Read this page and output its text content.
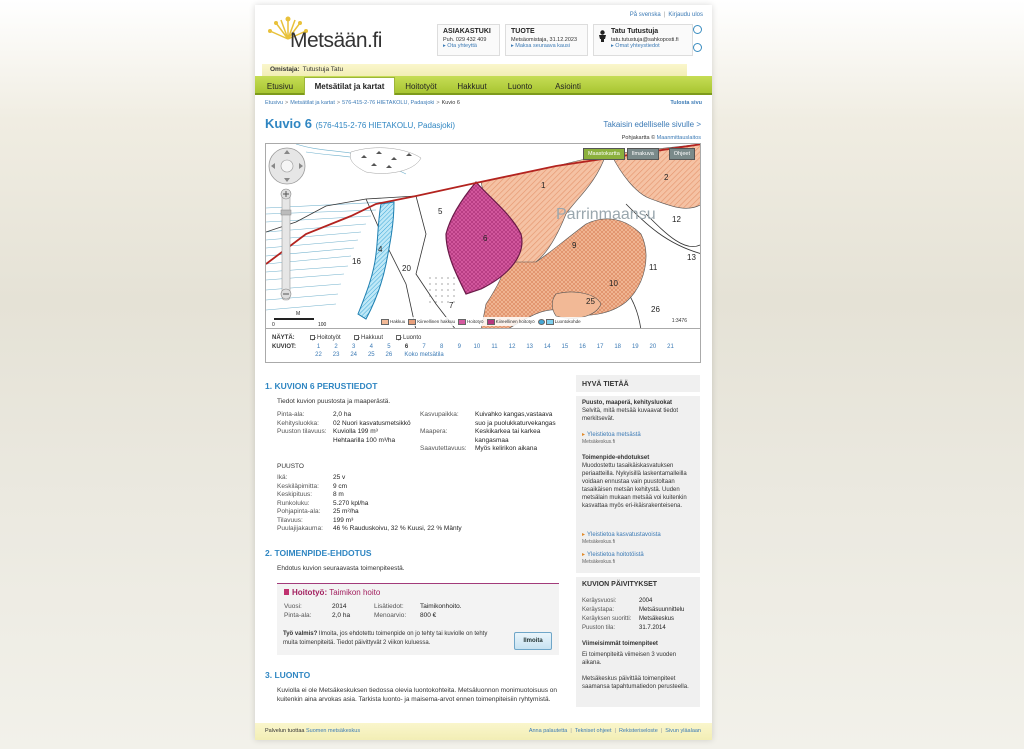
Metsään.fi
På svenska | Kirjaudu ulos
ASIAKASTUKI
Puh. 029 432 409
▸ Ota yhteyttä
TUOTE
Metsäomistaja, 31.12.2023
▸ Maksa seuraava kausi
Tatu Tutustuja
tatu.tutustuja@sahkoposti.fi
▸ Omat yhteystiedot
Omistaja: Tutustuja Tatu
Etusivu	Metsätilat ja kartat	Hoitotyöt	Hakkuut	Luonto	Asiointi
Etusivu > Metsätilat ja kartat > 576-415-2-76 HIETAKOLU, Padasjoki > Kuvio 6	Tulosta sivu
Kuvio 6 (576-415-2-76 HIETAKOLU, Padasjoki)	Takaisin edelliselle sivulle >
Pohjakartta © Maanmittauslaitos
Parrinmaansu
1
2
9
11
12
13
4
5
6
7
10
16
20
25
26
0
M
100
Maastokartta	Ilmakuva	Ohjeet
Hakkuu	Kiireellinen hakkuu	Hoitotyö	Kiireellinen hoitotyö	Luontokohde	1:3476
NÄYTÄ:	✓Hoitotyöt ✓Hakkuut ✓Luonto
KUVIOT:
Koko metsätila
1	2	3	4	5	6	7	8	9	10	11	12	13	14	15	16	17	18	19	20	21
22	23	24	25	26
1. KUVION 6 PERUSTIEDOT
Tiedot kuvion puustosta ja maaperästä.
Pinta-ala:	2,0 ha
Kehitysluokka: 02 Nuori kasvatusmetsikkö
Puuston tilavuus: Kuviolla 199 m³
Hehtaarilla 100 m³/ha
Kasvupaikka:	Kuivahko kangas,vastaava
suo ja puolukkaturvekangas
Maapera:	Keskikarkea tai karkea
kangasmaa
Saavutettavuus: Myös kelirikon aikana
PUUSTO
Ikä:	25 v
Keskiläpimitta: 9 cm
Keskipituus:	8 m
Runkoluku:	5.270 kpl/ha
Pohjapinta-ala: 25 m²/ha
Tilavuus:	199 m³
Puulajijakauma: 46 % Rauduskoivu, 32 % Kuusi, 22 % Mänty
2. TOIMENPIDE-EHDOTUS
Ehdotus kuvion seuraavasta toimenpiteestä.
Hoitotyö: Taimikon hoito
Vuosi:	2014	Lisätiedot:	Taimikonhoito.
Pinta-ala:	2,0 ha	Menoarvio: 800 €
Työ valmis? Ilmoita, jos ehdotettu toimenpide on jo tehty tai kuviolle on tehty muita toimenpiteitä. Tiedot päivittyvät 2 viikon kuluessa.	Ilmoita
3. LUONTO
Kuviolla ei ole Metsäkeskuksen tiedossa olevia luontokohteita. Metsäluonnon monimuotoisuus on kuitenkin aina arvokas asia. Tarkista luonto- ja maisema-arvot ennen toimenpiteisiin ryhtymistä.
HYVÄ TIETÄÄ
Puusto, maaperä, kehitysluokat
Selvitä, mitä metsää kuvaavat tiedot merkitsevät.
▸ Yleistietoa metsästä
Metsäkeskus.fi
Toimenpide-ehdotukset
Muodostettu tasaikäiskasvatuksen periaatteilla. Nykyisillä laskentamalleilla voidaan ennustaa vain puustoltaan tasaikäisen metsän kehitystä. Uuden metsälain mukaan metsää voi kuitenkin kasvattaa myös eri-ikäisrakenteisena.
▸ Yleistietoa kasvatustavoista
Metsäkeskus.fi
▸ Yleistietoa hoitotöistä
Metsäkeskus.fi
KUVION PÄIVITYKSET
Keräysvuosi:	2004
Keräystapa:	Metsäsuunnittelu
Keräyksen suoritti: Metsäkeskus
Puuston tila:	31.7.2014
Viimeisimmät toimenpiteet
Ei toimenpiteitä viimeisen 3 vuoden aikana.
Metsäkeskus päivittää toimenpiteet saamansa tapahtumatiedon perusteella.
Palvelun tuottaa Suomen metsäkeskus	Anna palautetta | Tekniset ohjeet | Rekisteriseloste | Sivun yläalaan
